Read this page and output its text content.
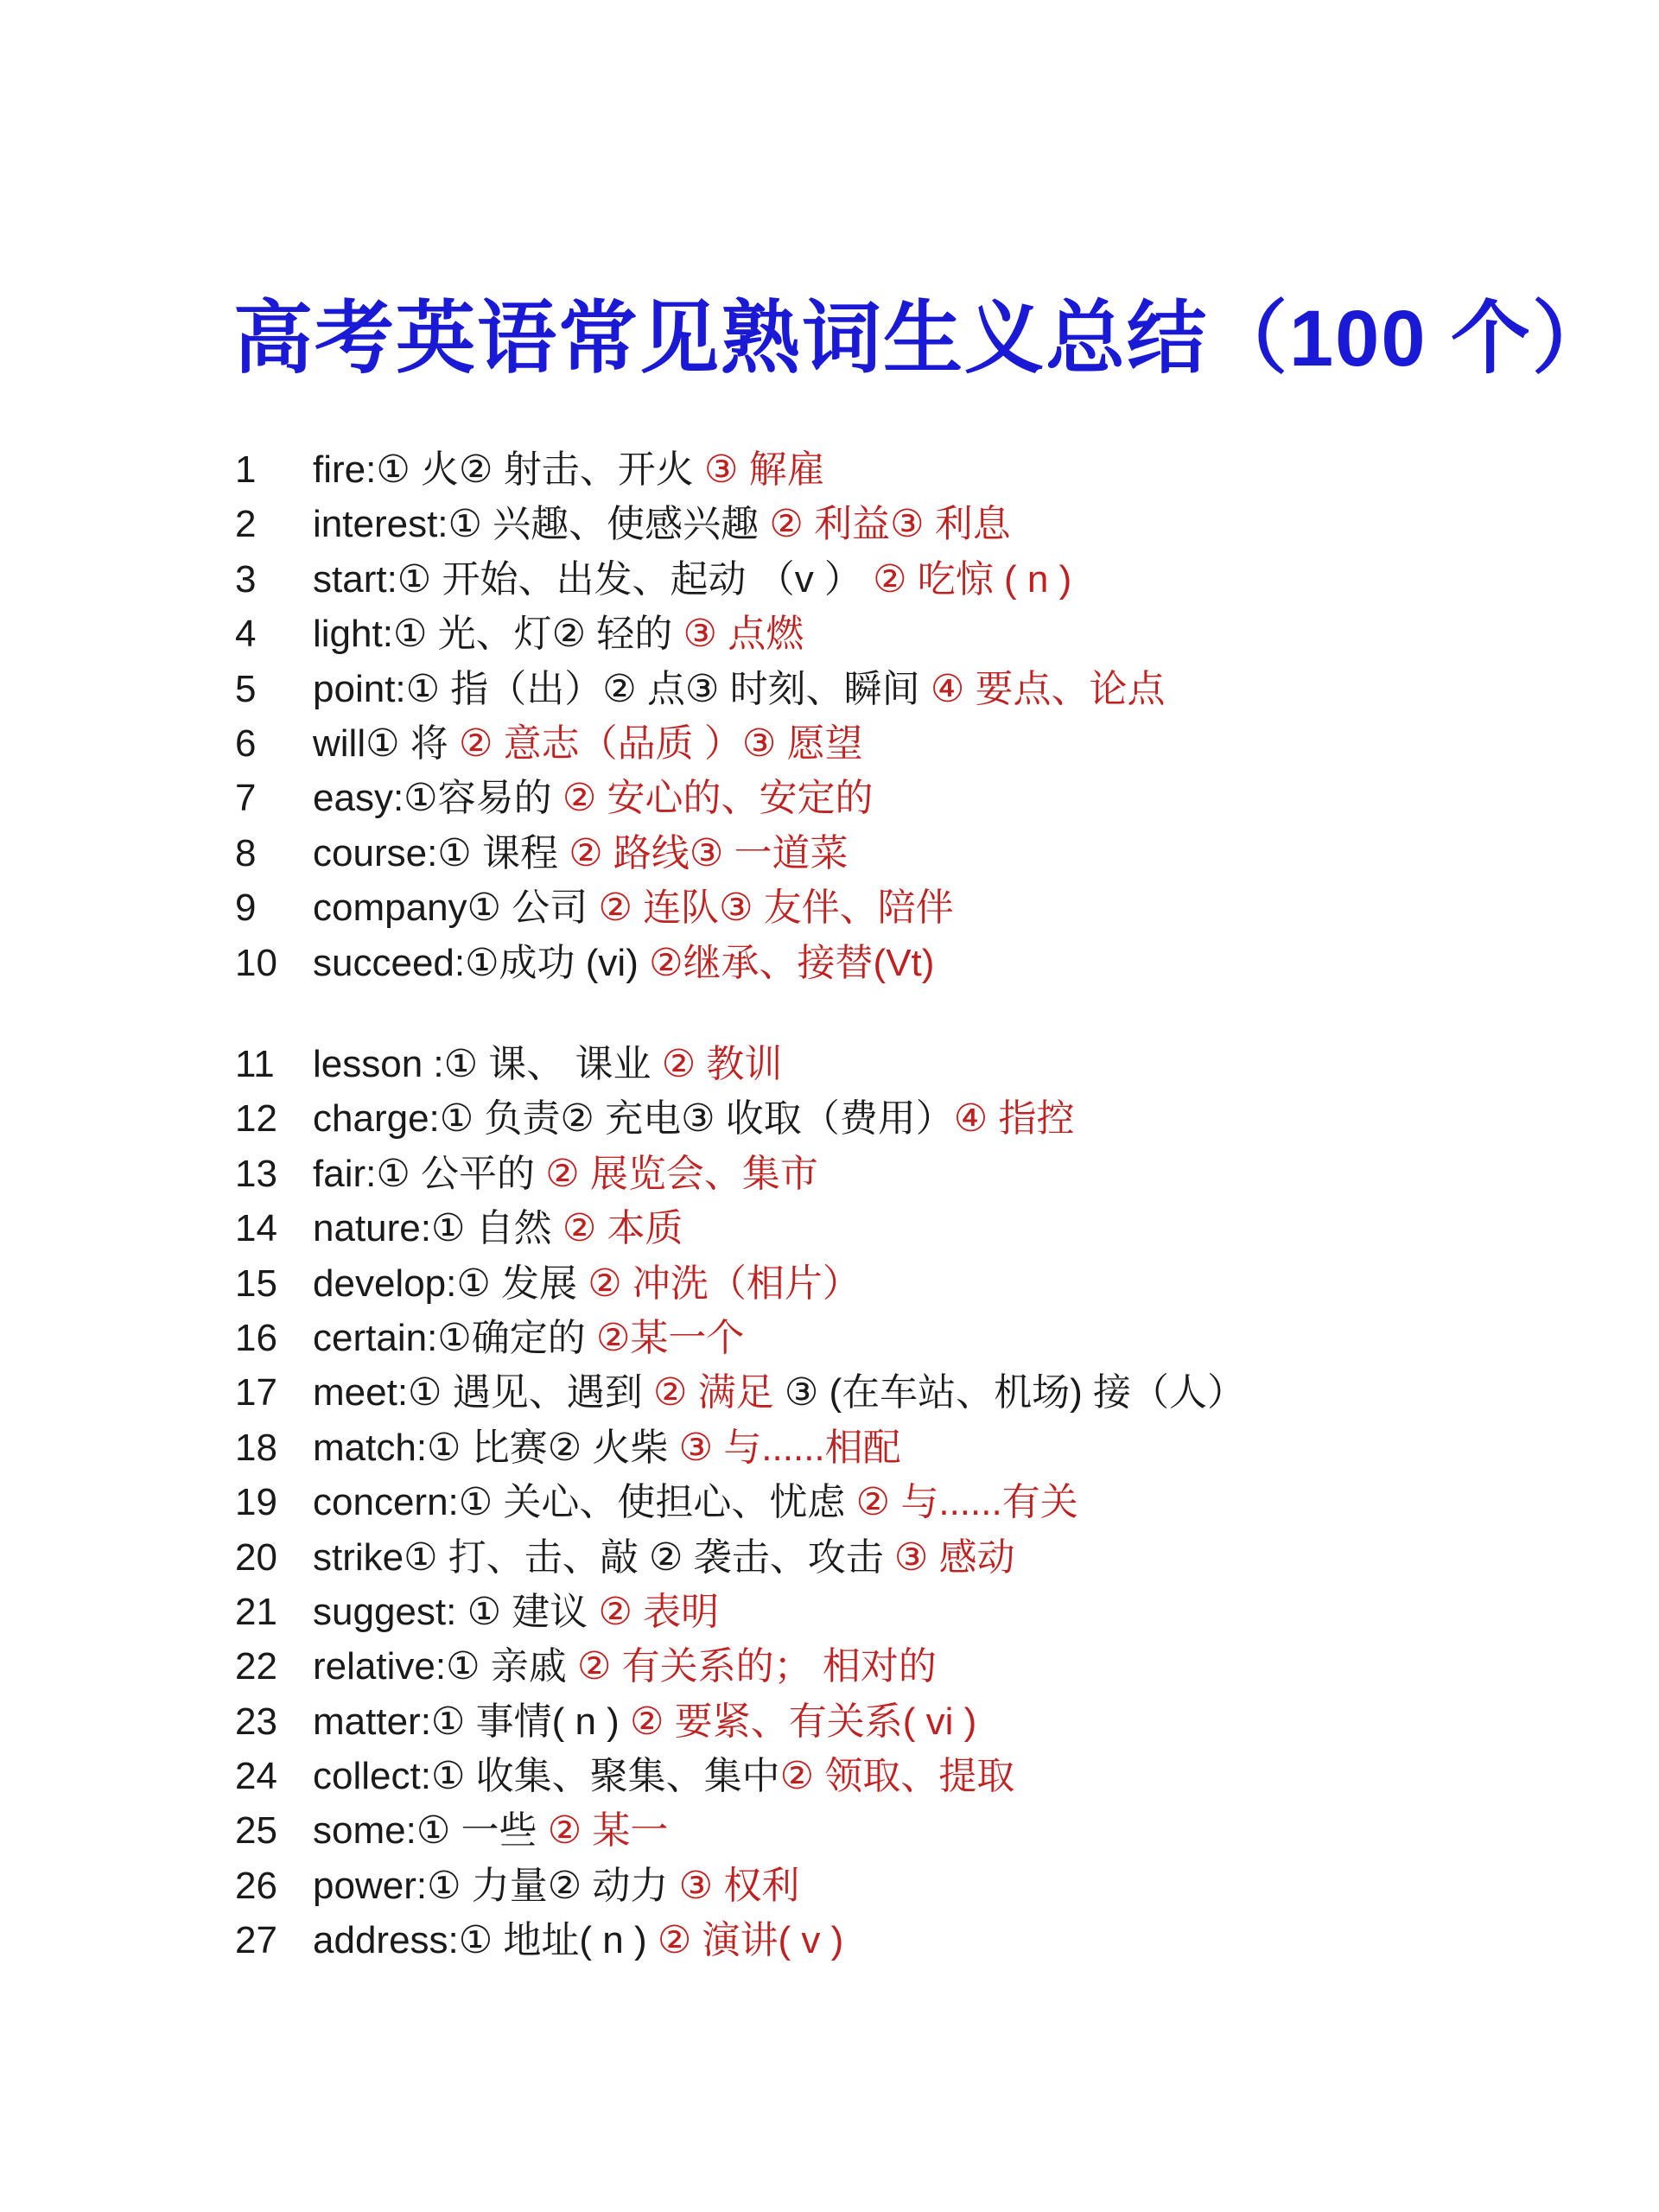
高考英语常见熟词生义总结（100 个）
1 fire:① 火② 射击、开火 ③ 解雇
2 interest:① 兴趣、使感兴趣 ② 利益③ 利息
3 start:① 开始、出发、起动 （v ） ② 吃惊 ( n )
4 light:① 光、灯② 轻的 ③ 点燃
5 point:① 指（出）② 点③ 时刻、瞬间 ④ 要点、论点
6 will① 将 ② 意志（品质 ）③ 愿望
7 easy:①容易的 ② 安心的、安定的
8 course:① 课程 ② 路线③ 一道菜
9 company① 公司 ② 连队③ 友伴、陪伴
10 succeed:①成功 (vi) ②继承、接替(Vt)
11 lesson :① 课、 课业 ② 教训
12 charge:① 负责② 充电③ 收取（费用）④ 指控
13 fair:① 公平的 ② 展览会、集市
14 nature:① 自然 ② 本质
15 develop:① 发展 ② 冲洗（相片）
16 certain:①确定的 ②某一个
17 meet:① 遇见、遇到 ② 满足 ③ (在车站、机场) 接（人）
18 match:① 比赛② 火柴 ③ 与......相配
19 concern:① 关心、使担心、忧虑 ② 与......有关
20 strike① 打、击、敲 ② 袭击、攻击 ③ 感动
21 suggest: ① 建议 ② 表明
22 relative:① 亲戚 ② 有关系的； 相对的
23 matter:① 事情( n ) ② 要紧、有关系( vi )
24 collect:① 收集、聚集、集中② 领取、提取
25 some:① 一些 ② 某一
26 power:① 力量② 动力 ③ 权利
27 address:① 地址( n ) ② 演讲( v )
